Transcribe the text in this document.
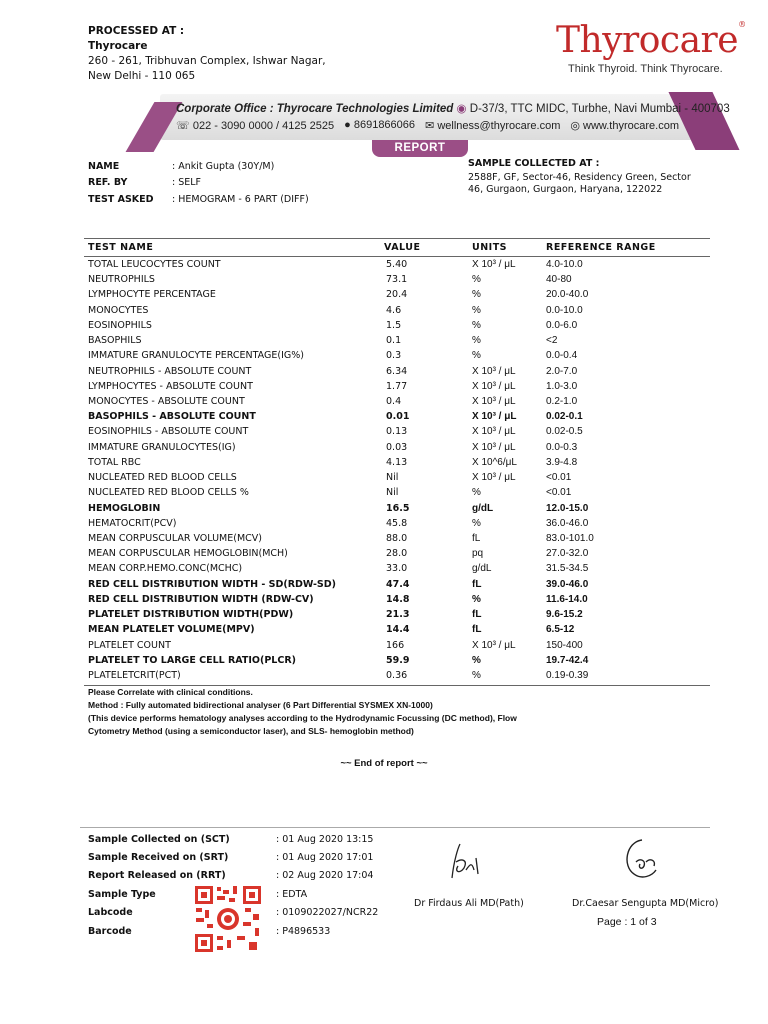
PROCESSED AT :
Thyrocare
260 - 261, Tribhuvan Complex, Ishwar Nagar,
New Delhi - 110 065
Thyrocare®
Think Thyroid. Think Thyrocare.
Corporate Office : Thyrocare Technologies Limited ◉ D-37/3, TTC MIDC, Turbhe, Navi Mumbai - 400703
☏ 022 - 3090 0000 / 4125 2525 ● 8691866066 ✉ wellness@thyrocare.com ◎ www.thyrocare.com
REPORT
NAME	: Ankit Gupta (30Y/M)
REF. BY	: SELF
TEST ASKED : HEMOGRAM - 6 PART (DIFF)
SAMPLE COLLECTED AT :
2588F, GF, Sector-46, Residency Green, Sector
46, Gurgaon, Gurgaon, Haryana, 122022
TEST NAME	VALUE	UNITS	REFERENCE RANGE
TOTAL LEUCOCYTES COUNT	5.40	X 10³ / μL	4.0-10.0
NEUTROPHILS	73.1	%	40-80
LYMPHOCYTE PERCENTAGE	20.4	%	20.0-40.0
MONOCYTES	4.6	%	0.0-10.0
EOSINOPHILS	1.5	%	0.0-6.0
BASOPHILS	0.1	%	<2
IMMATURE GRANULOCYTE PERCENTAGE(IG%)	0.3	%	0.0-0.4
NEUTROPHILS - ABSOLUTE COUNT	6.34	X 10³ / μL	2.0-7.0
LYMPHOCYTES - ABSOLUTE COUNT	1.77	X 10³ / μL	1.0-3.0
MONOCYTES - ABSOLUTE COUNT	0.4	X 10³ / μL	0.2-1.0
BASOPHILS - ABSOLUTE COUNT	0.01	X 10³ / μL	0.02-0.1
EOSINOPHILS - ABSOLUTE COUNT	0.13	X 10³ / μL	0.02-0.5
IMMATURE GRANULOCYTES(IG)	0.03	X 10³ / μL	0.0-0.3
TOTAL RBC	4.13	X 10^6/μL	3.9-4.8
NUCLEATED RED BLOOD CELLS	Nil	X 10³ / μL	<0.01
NUCLEATED RED BLOOD CELLS %	Nil	%	<0.01
HEMOGLOBIN	16.5	g/dL	12.0-15.0
HEMATOCRIT(PCV)	45.8	%	36.0-46.0
MEAN CORPUSCULAR VOLUME(MCV)	88.0	fL	83.0-101.0
MEAN CORPUSCULAR HEMOGLOBIN(MCH)	28.0	pq	27.0-32.0
MEAN CORP.HEMO.CONC(MCHC)	33.0	g/dL	31.5-34.5
RED CELL DISTRIBUTION WIDTH - SD(RDW-SD)	47.4	fL	39.0-46.0
RED CELL DISTRIBUTION WIDTH (RDW-CV)	14.8	%	11.6-14.0
PLATELET DISTRIBUTION WIDTH(PDW)	21.3	fL	9.6-15.2
MEAN PLATELET VOLUME(MPV)	14.4	fL	6.5-12
PLATELET COUNT	166	X 10³ / μL	150-400
PLATELET TO LARGE CELL RATIO(PLCR)	59.9	%	19.7-42.4
PLATELETCRIT(PCT)	0.36	%	0.19-0.39
Please Correlate with clinical conditions.
Method : Fully automated bidirectional analyser (6 Part Differential SYSMEX XN-1000)
(This device performs hematology analyses according to the Hydrodynamic Focussing (DC method), Flow
Cytometry Method (using a semiconductor laser), and SLS- hemoglobin method)
~~ End of report ~~
Sample Collected on (SCT)	: 01 Aug 2020 13:15
Sample Received on (SRT)	: 01 Aug 2020 17:01
Report Released on (RRT)	: 02 Aug 2020 17:04
Sample Type	: EDTA
Labcode	: 0109022027/NCR22
Barcode	: P4896533
Dr Firdaus Ali MD(Path)	Dr.Caesar Sengupta MD(Micro)
Page : 1 of 3
